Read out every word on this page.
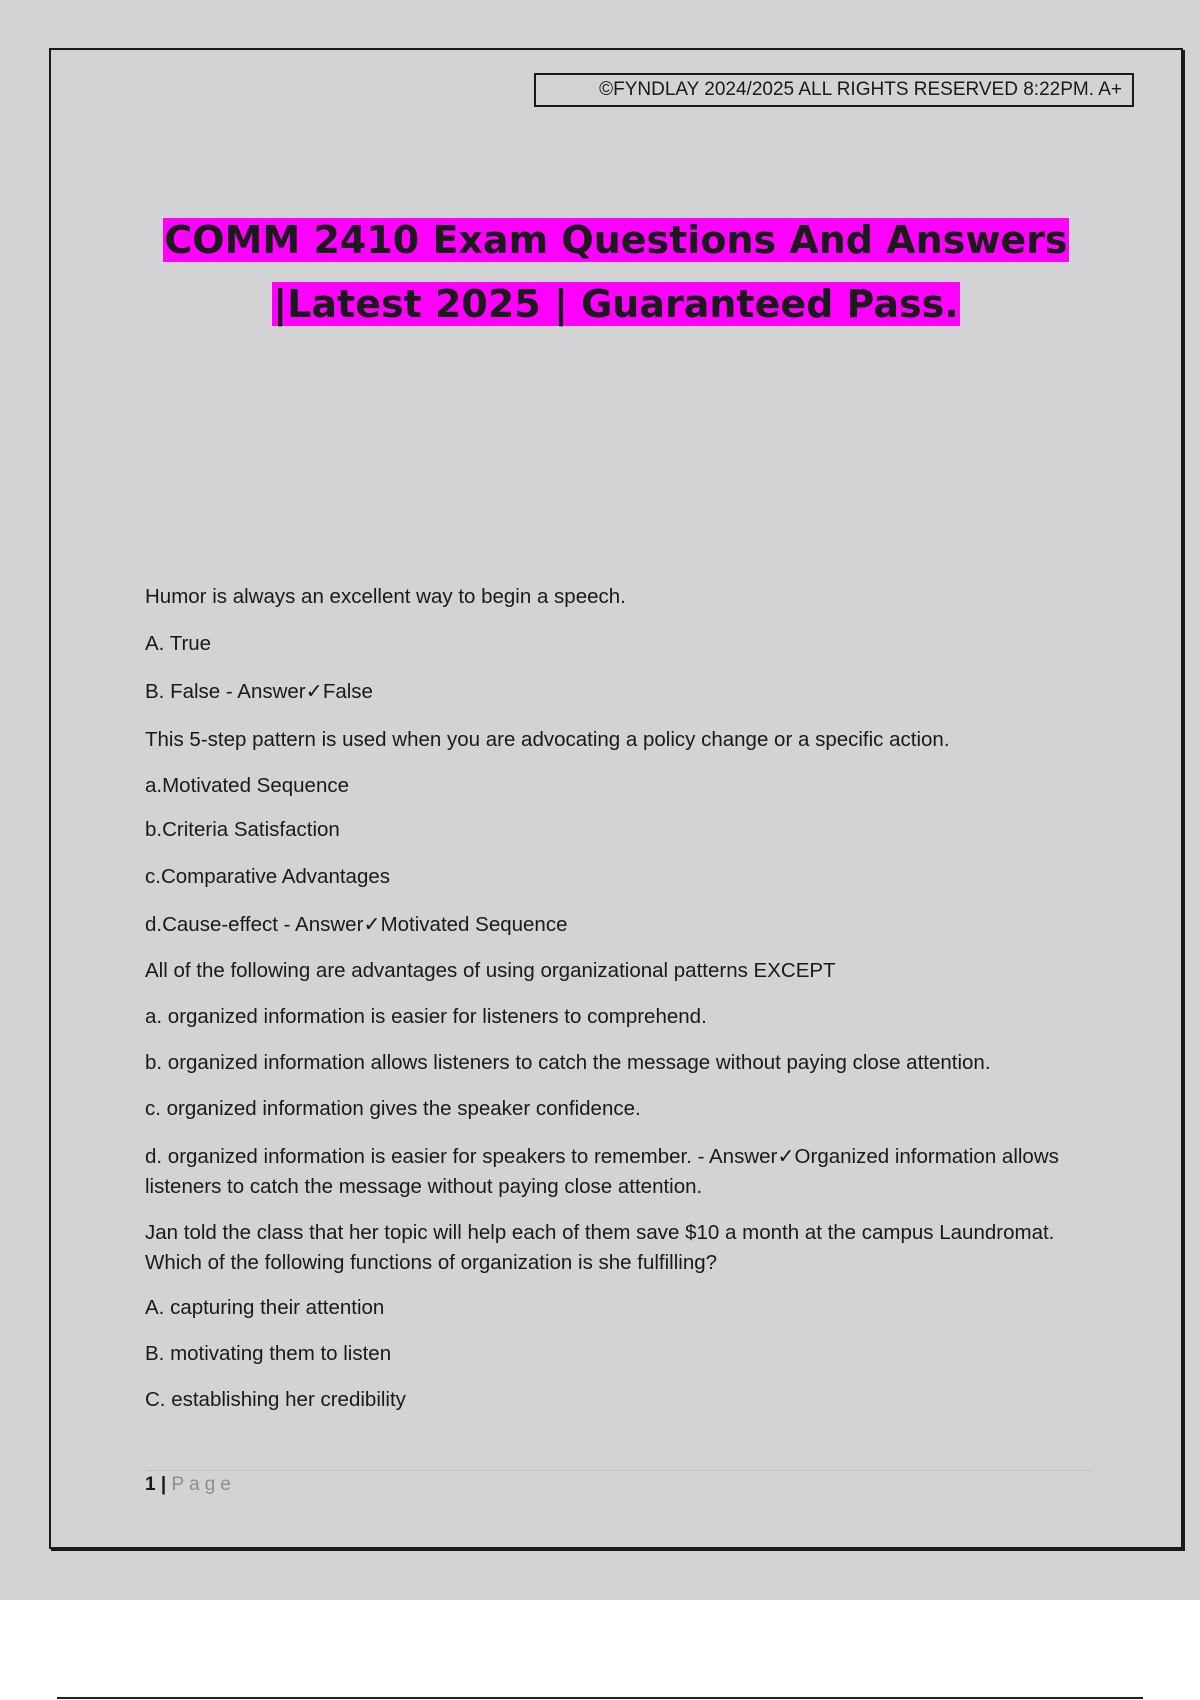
©FYNDLAY 2024/2025 ALL RIGHTS RESERVED 8:22PM. A+
COMM 2410 Exam Questions And Answers
|Latest 2025 | Guaranteed Pass.
Humor is always an excellent way to begin a speech.
A. True
B. False - Answer✓False
This 5-step pattern is used when you are advocating a policy change or a specific action.
a.Motivated Sequence
b.Criteria Satisfaction
c.Comparative Advantages
d.Cause-effect - Answer✓Motivated Sequence
All of the following are advantages of using organizational patterns EXCEPT
a. organized information is easier for listeners to comprehend.
b. organized information allows listeners to catch the message without paying close attention.
c. organized information gives the speaker confidence.
d. organized information is easier for speakers to remember. - Answer✓Organized information allows listeners to catch the message without paying close attention.
Jan told the class that her topic will help each of them save $10 a month at the campus Laundromat. Which of the following functions of organization is she fulfilling?
A. capturing their attention
B. motivating them to listen
C. establishing her credibility
1 | Page
